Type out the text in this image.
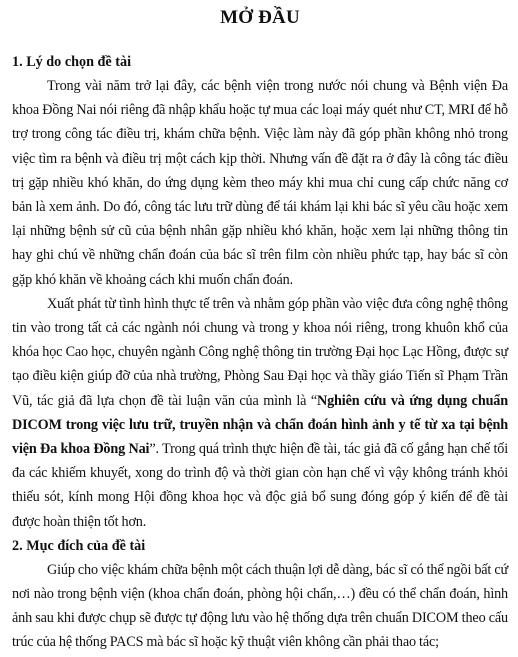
MỞ ĐẦU
1. Lý do chọn đề tài

Trong vài năm trở lại đây, các bệnh viện trong nước nói chung và Bệnh viện Đa khoa Đồng Nai nói riêng đã nhập khẩu hoặc tự mua các loại máy quét như CT, MRI để hỗ trợ trong công tác điều trị, khám chữa bệnh. Việc làm này đã góp phần không nhỏ trong việc tìm ra bệnh và điều trị một cách kịp thời. Nhưng vấn đề đặt ra ở đây là công tác điều trị gặp nhiều khó khăn, do ứng dụng kèm theo máy khi mua chỉ cung cấp chức năng cơ bản là xem ảnh. Do đó, công tác lưu trữ dùng để tái khám lại khi bác sĩ yêu cầu hoặc xem lại những bệnh sử cũ của bệnh nhân gặp nhiều khó khăn, hoặc xem lại những thông tin hay ghi chú về những chẩn đoán của bác sĩ trên film còn nhiều phức tạp, hay bác sĩ còn gặp khó khăn về khoảng cách khi muốn chẩn đoán.

Xuất phát từ tình hình thực tế trên và nhằm góp phần vào việc đưa công nghệ thông tin vào trong tất cả các ngành nói chung và trong y khoa nói riêng, trong khuôn khổ của khóa học Cao học, chuyên ngành Công nghệ thông tin trường Đại học Lạc Hồng, được sự tạo điều kiện giúp đỡ của nhà trường, Phòng Sau Đại học và thầy giáo Tiến sĩ Phạm Trần Vũ, tác giả đã lựa chọn đề tài luận văn của mình là “Nghiên cứu và ứng dụng chuẩn DICOM trong việc lưu trữ, truyền nhận và chẩn đoán hình ảnh y tế từ xa tại bệnh viện Đa khoa Đồng Nai”. Trong quá trình thực hiện đề tài, tác giả đã cố gắng hạn chế tối đa các khiếm khuyết, xong do trình độ và thời gian còn hạn chế vì vậy không tránh khỏi thiếu sót, kính mong Hội đồng khoa học và độc giả bổ sung đóng góp ý kiến để đề tài được hoàn thiện tốt hơn.

2. Mục đích của đề tài

Giúp cho việc khám chữa bệnh một cách thuận lợi dễ dàng, bác sĩ có thể ngồi bất cứ nơi nào trong bệnh viện (khoa chẩn đoán, phòng hội chẩn,…) đều có thể chẩn đoán, hình ảnh sau khi được chụp sẽ được tự động lưu vào hệ thống dựa trên chuẩn DICOM theo cấu trúc của hệ thống PACS mà bác sĩ hoặc kỹ thuật viên không cần phải thao tác;
